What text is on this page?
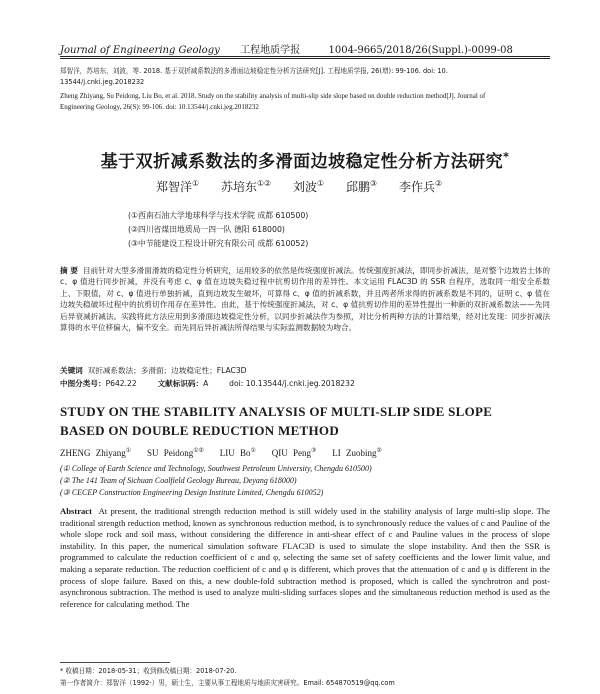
Journal of Engineering Geology 工程地质学报	1004-9665/2018/26(Suppl.)-0099-08
郑智洋，苏培东，刘波，等. 2018. 基于双折减系数法的多滑面边坡稳定性分析方法研究[J]. 工程地质学报, 26(增): 99-106. doi: 10.
13544/j.cnki.jeg.2018232
Zheng Zhiyang, Su Peidong, Liu Bo, et al. 2018. Study on the stability analysis of multi-slip side slope based on double reduction method[J]. Journal of
Engineering Geology, 26(S): 99-106. doi: 10.13544/j.cnki.jeg.2018232
基于双折减系数法的多滑面边坡稳定性分析方法研究*
郑智洋① 苏培东①② 刘波① 邱鹏③ 李作兵②
(①西南石油大学地球科学与技术学院 成都 610500)
(②四川省煤田地质局一四一队 德阳 618000)
(③中节能建设工程设计研究有限公司 成都 610052)
摘 要 目前针对大型多滑面滑坡的稳定性分析研究，运用较多的依然是传统强度折减法。传统强度折减法，即同步折减法，是对整个边坡岩土体的 c、φ 值进行同步折减，并没有考虑 c、φ 值在边坡失稳过程中抗剪切作用的差异性。本文运用 FLAC3D 的 SSR 自程序，选取同一组安全系数上、下限值，对 c、φ 值进行单独折减，直到边坡发生破坏，可算得 c、φ 值的折减系数，并且两者所求得的折减系数是不同的，证明 c、φ 值在边坡失稳破坏过程中的抗剪切作用存在差异性。由此，基于传统强度折减法，对 c、φ 值抗剪切作用的差异性提出一种新的双折减系数法——先同后异衰减折减法。实践将此方法应用到多滑面边坡稳定性分析，以同步折减法作为参照，对比分析两种方法的计算结果，经对比发现：同步折减法算得的水平位移偏大，偏不安全。而先同后异折减法所得结果与实际监测数据较为吻合。
关键词 双折减系数法；多滑面；边坡稳定性；FLAC3D
中图分类号：P642.22	文献标识码：A	doi: 10.13544/j.cnki.jeg.2018232
STUDY ON THE STABILITY ANALYSIS OF MULTI-SLIP SIDE SLOPE
BASED ON DOUBLE REDUCTION METHOD
ZHENG Zhiyang① SU Peidong①② LIU Bo① QIU Peng③ LI Zuobing②
(① College of Earth Science and Technology, Southwest Petroleum University, Chengdu 610500)
(② The 141 Team of Sichuan Coalfield Geology Bureau, Deyang 618000)
(③ CECEP Construction Engineering Design Institute Limited, Chengdu 610052)
Abstract At present, the traditional strength reduction method is still widely used in the stability analysis of large multi-slip slope. The traditional strength reduction method, known as synchronous reduction method, is to synchronously reduce the values of c and Pauline of the whole slope rock and soil mass, without considering the difference in anti-shear effect of c and Pauline values in the process of slope instability. In this paper, the numerical simulation software FLAC3D is used to simulate the slope instability. And then the SSR is programmed to calculate the reduction coefficient of c and φ, selecting the same set of safety coefficients and the lower limit value, and making a separate reduction. The reduction coefficient of c and φ is different, which proves that the attenuation of c and φ is different in the process of slope failure. Based on this, a new double-fold subtraction method is proposed, which is called the synchrotron and post-asynchronous subtraction. The method is used to analyze multi-sliding surfaces slopes and the simultaneous reduction method is used as the reference for calculating method. The
* 收稿日期：2018-05-31；收到修改稿日期：2018-07-20.
第一作者简介：郑智洋（1992-）男，硕士生，主要从事工程地质与地质灾害研究。Email: 654870519@qq.com
